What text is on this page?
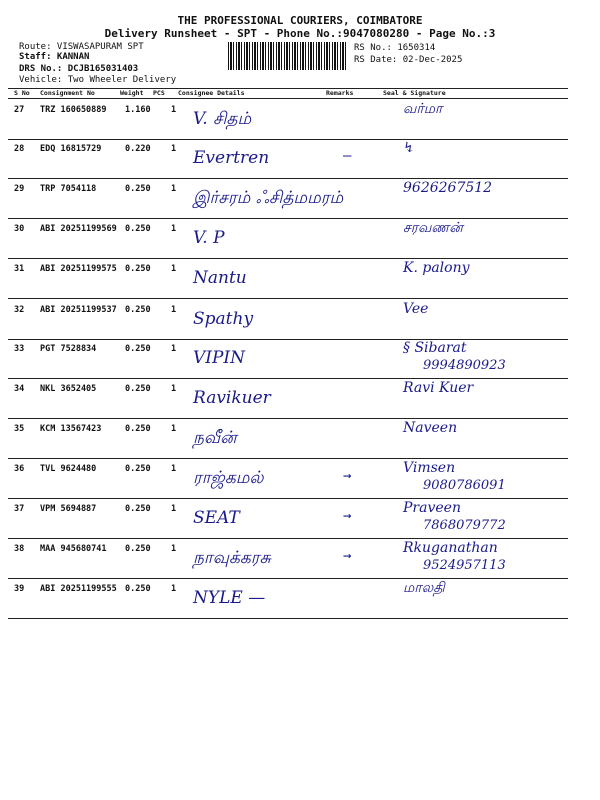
THE PROFESSIONAL COURIERS, COIMBATORE
Delivery Runsheet - SPT - Phone No.:9047080280 - Page No.:3
Route: VISWASAPURAM SPT
Staff: KANNAN
DRS No.: DCJB165031403
Vehicle: Two Wheeler Delivery
RS No.: 1650314
RS Date: 02-Dec-2025
S No Consignment No	Weight PCS Consignee Details	Remarks	Seal & Signature
27 TRZ 160650889 1.160 1 V. சிதம்	வர்மா
28 EDQ 16815729	0.220 1 Evertren	—	↯
29 TRP 7054118	0.250 1 இர்சரம் ஃசித்மமரம்	9626267512
30 ABI 20251199569 0.250 1 V. P	சரவணன்
31 ABI 20251199575 0.250 1 Nantu	K. palony
32 ABI 20251199537 0.250 1 Spathy	Vee
33 PGT 7528834	0.250 1 VIPIN	§ Sibarat
9994890923
34 NKL 3652405	0.250 1 Ravikuer	Ravi Kuer
35 KCM 13567423	0.250 1 நவீன்	Naveen
36 TVL 9624480	0.250 1 ராஜ்கமல்	→	Vimsen
9080786091
37 VPM 5694887	0.250 1 SEAT	→	Praveen
7868079772
38 MAA 945680741 0.250 1 நாவுக்கரசு	→	Rkuganathan
9524957113
39 ABI 20251199555 0.250 1 NYLE —	மாலதி
